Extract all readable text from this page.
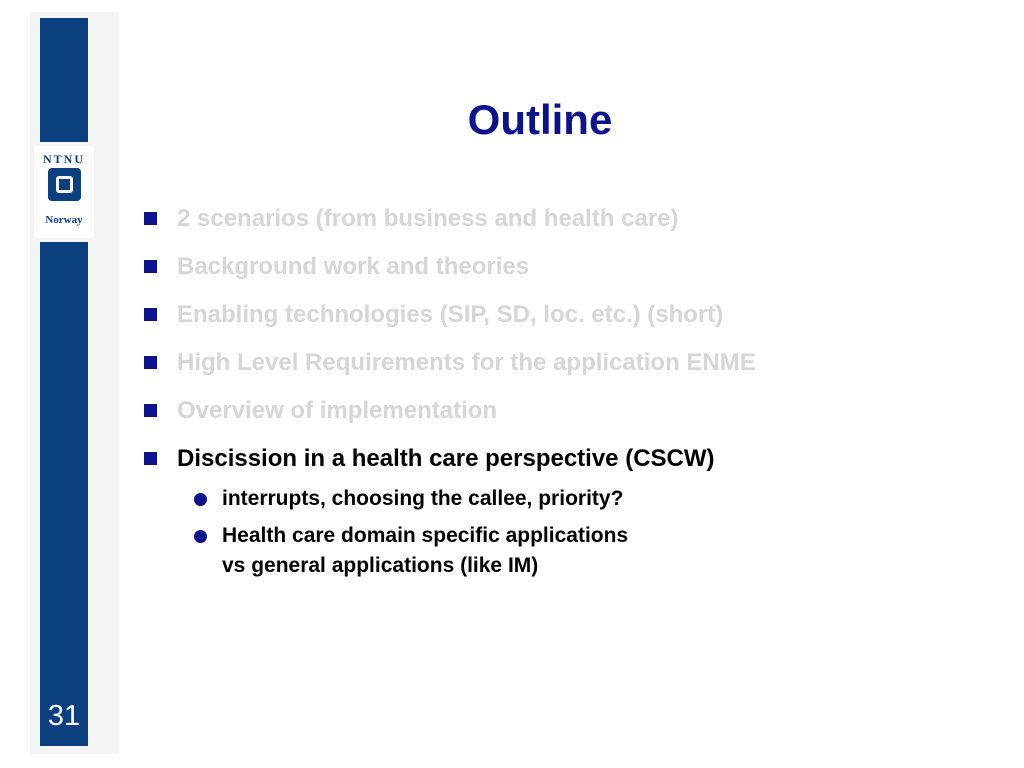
NTNU
Norway
31
Outline
2 scenarios (from business and health care)
Background work and theories
Enabling technologies (SIP, SD, loc. etc.) (short)
High Level Requirements for the application ENME
Overview of implementation
Discission in a health care perspective (CSCW)
interrupts, choosing the callee, priority?
Health care domain specific applications
vs general applications (like IM)
